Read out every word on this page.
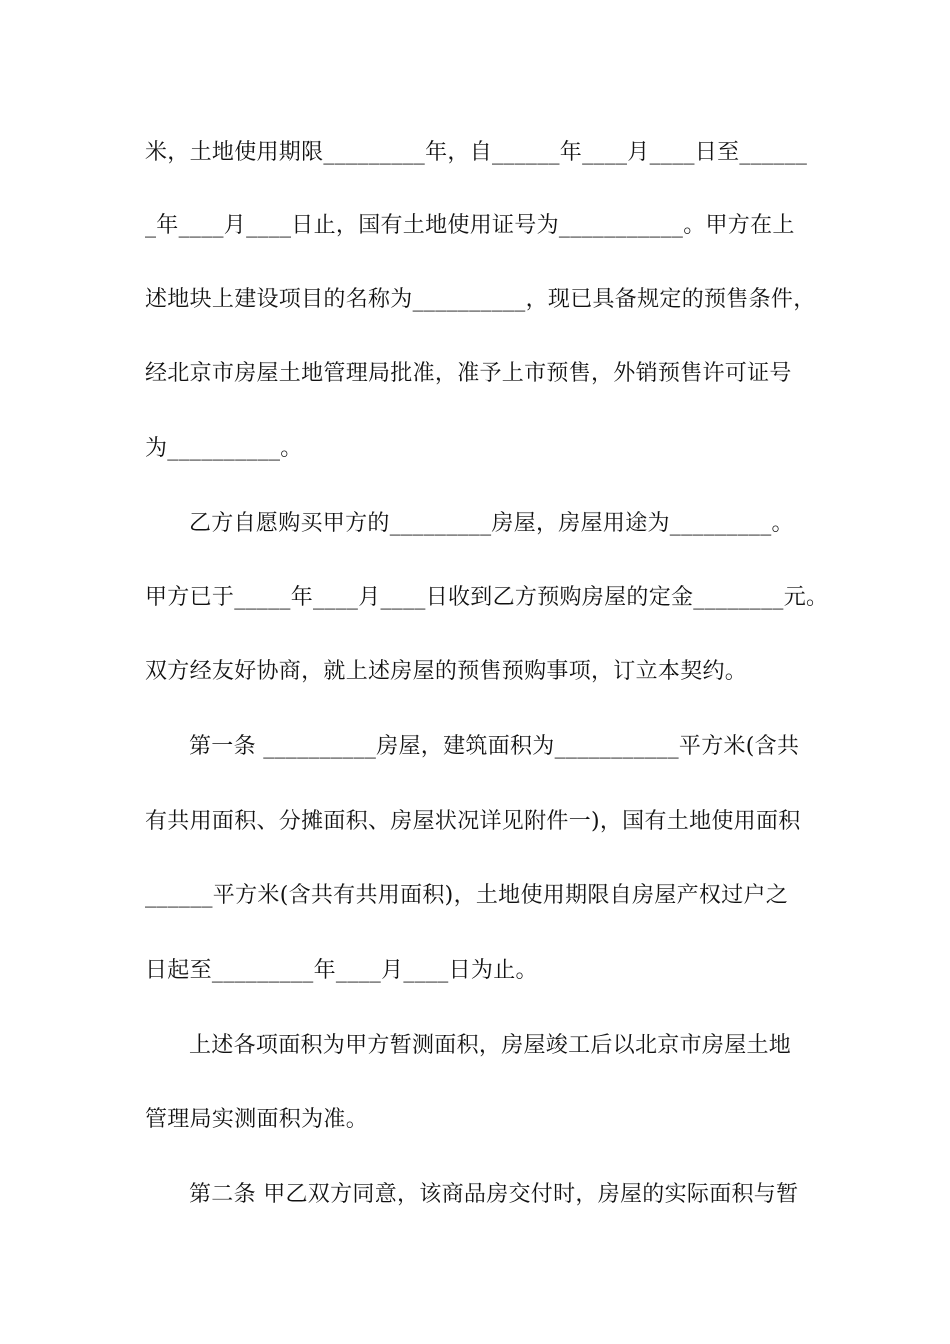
米，土地使用期限_________年，自______年____月____日至______
_年____月____日止，国有土地使用证号为___________。甲方在上
述地块上建设项目的名称为__________，现已具备规定的预售条件，
经北京市房屋土地管理局批准，准予上市预售，外销预售许可证号
为__________。
乙方自愿购买甲方的_________房屋，房屋用途为_________。
甲方已于_____年____月____日收到乙方预购房屋的定金________元。
双方经友好协商，就上述房屋的预售预购事项，订立本契约。
第一条 __________房屋，建筑面积为___________平方米(含共
有共用面积、分摊面积、房屋状况详见附件一)，国有土地使用面积
______平方米(含共有共用面积)，土地使用期限自房屋产权过户之
日起至_________年____月____日为止。
上述各项面积为甲方暂测面积，房屋竣工后以北京市房屋土地
管理局实测面积为准。
第二条 甲乙双方同意，该商品房交付时，房屋的实际面积与暂
